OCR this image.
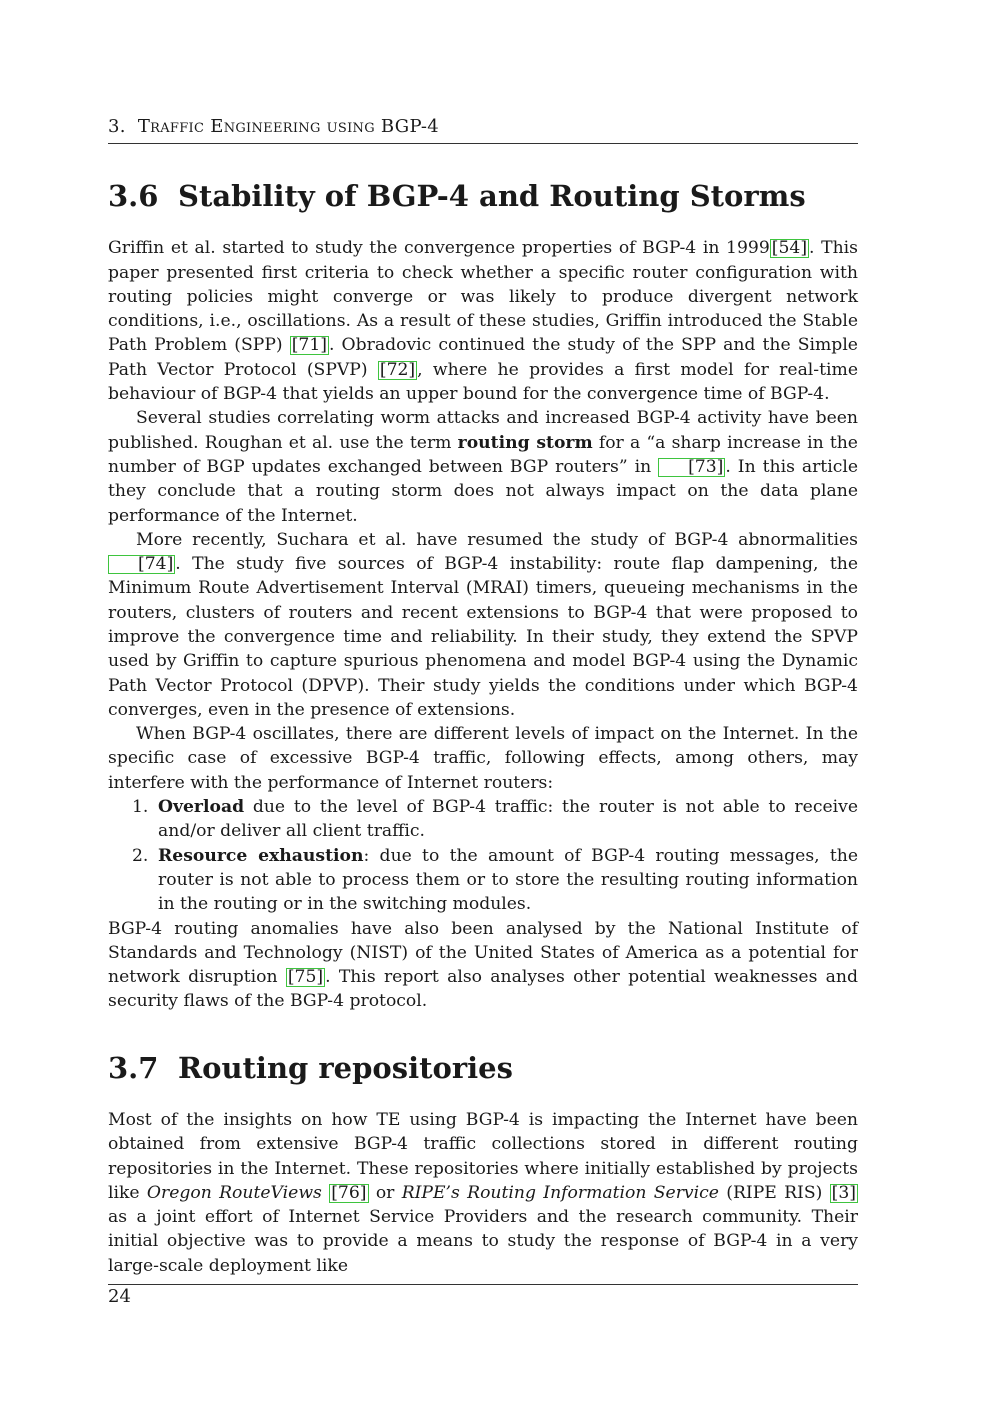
3. Traffic Engineering using BGP-4
3.6 Stability of BGP-4 and Routing Storms

Griffin et al. started to study the convergence properties of BGP-4 in 1999 [54] . This paper presented first criteria to check whether a specific router configuration with routing policies might converge or was likely to produce divergent network conditions, i.e., oscillations. As a result of these studies, Griffin introduced the Stable Path Problem (SPP) [71] . Obradovic continued the study of the SPP and the Simple Path Vector Protocol (SPVP) [72] , where he provides a first model for real-time behaviour of BGP-4 that yields an upper bound for the convergence time of BGP-4.

Several studies correlating worm attacks and increased BGP-4 activity have been published. Roughan et al. use the term routing storm for a “a sharp increase in the number of BGP updates exchanged between BGP routers” in [73] . In this article they conclude that a routing storm does not always impact on the data plane performance of the Internet.

More recently, Suchara et al. have resumed the study of BGP-4 abnormalities [74] . The study five sources of BGP-4 instability: route flap dampening, the Minimum Route Advertisement Interval (MRAI) timers, queueing mechanisms in the routers, clusters of routers and recent extensions to BGP-4 that were proposed to improve the convergence time and reliability. In their study, they extend the SPVP used by Griffin to capture spurious phenomena and model BGP-4 using the Dynamic Path Vector Protocol (DPVP). Their study yields the conditions under which BGP-4 converges, even in the presence of extensions.

When BGP-4 oscillates, there are different levels of impact on the Internet. In the specific case of excessive BGP-4 traffic, following effects, among others, may interfere with the performance of Internet routers:

1. Overload due to the level of BGP-4 traffic: the router is not able to receive and/or deliver all client traffic.
2. Resource exhaustion: due to the amount of BGP-4 routing messages, the router is not able to process them or to store the resulting routing information in the routing or in the switching modules.

BGP-4 routing anomalies have also been analysed by the National Institute of Standards and Technology (NIST) of the United States of America as a potential for network disruption [75] . This report also analyses other potential weaknesses and security flaws of the BGP-4 protocol.

3.7 Routing repositories

Most of the insights on how TE using BGP-4 is impacting the Internet have been obtained from extensive BGP-4 traffic collections stored in different routing repositories in the Internet. These repositories where initially established by projects like Oregon RouteViews [76] or RIPE’s Routing Information Service (RIPE RIS) [3] as a joint effort of Internet Service Providers and the research community. Their initial objective was to provide a means to study the response of BGP-4 in a very large-scale deployment like

24
